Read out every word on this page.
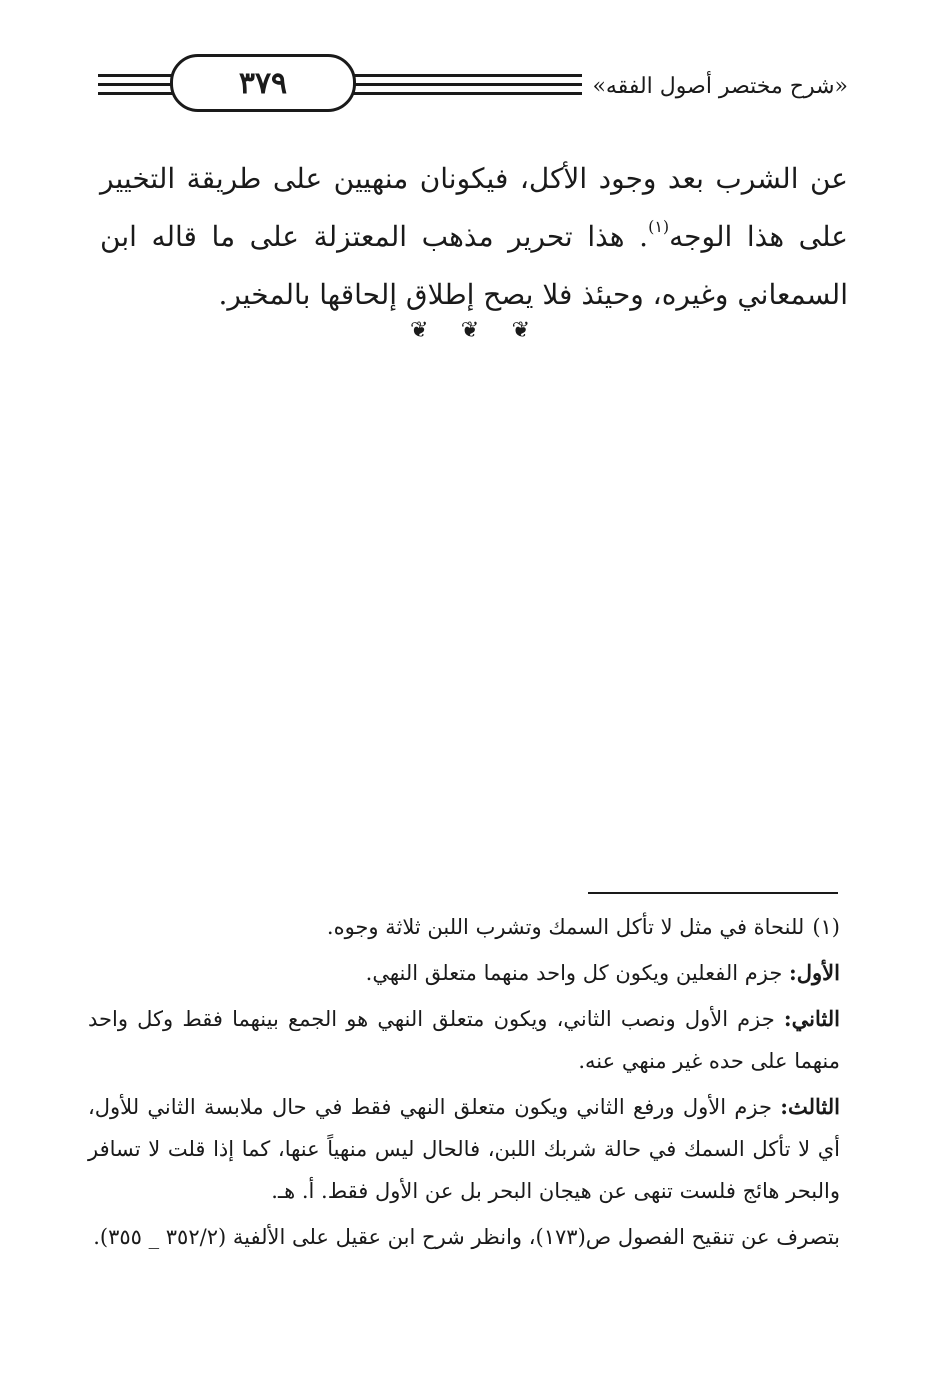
«شرح مختصر أصول الفقه»
٣٧٩

عن الشرب بعد وجود الأكل، فيكونان منهيين على طريقة التخيير على هذا الوجه$^{(١)}$. هذا تحرير مذهب المعتزلة على ما قاله ابن السمعاني وغيره، وحيئذ فلا يصح إطلاق إلحاقها بالمخير.

❦ ❦ ❦

(١)للنحاة في مثل لا تأكل السمك وتشرب اللبن ثلاثة وجوه.

الأول: جزم الفعلين ويكون كل واحد منهما متعلق النهي.

الثاني: جزم الأول ونصب الثاني، ويكون متعلق النهي هو الجمع بينهما فقط وكل واحد منهما على حده غير منهي عنه.

الثالث: جزم الأول ورفع الثاني ويكون متعلق النهي فقط في حال ملابسة الثاني للأول، أي لا تأكل السمك في حالة شربك اللبن، فالحال ليس منهياً عنها، كما إذا قلت لا تسافر والبحر هائج فلست تنهى عن هيجان البحر بل عن الأول فقط. أ. هـ.

بتصرف عن تنقيح الفصول ص(١٧٣)، وانظر شرح ابن عقيل على الألفية (٣٥٢/٢ _ ٣٥٥).
